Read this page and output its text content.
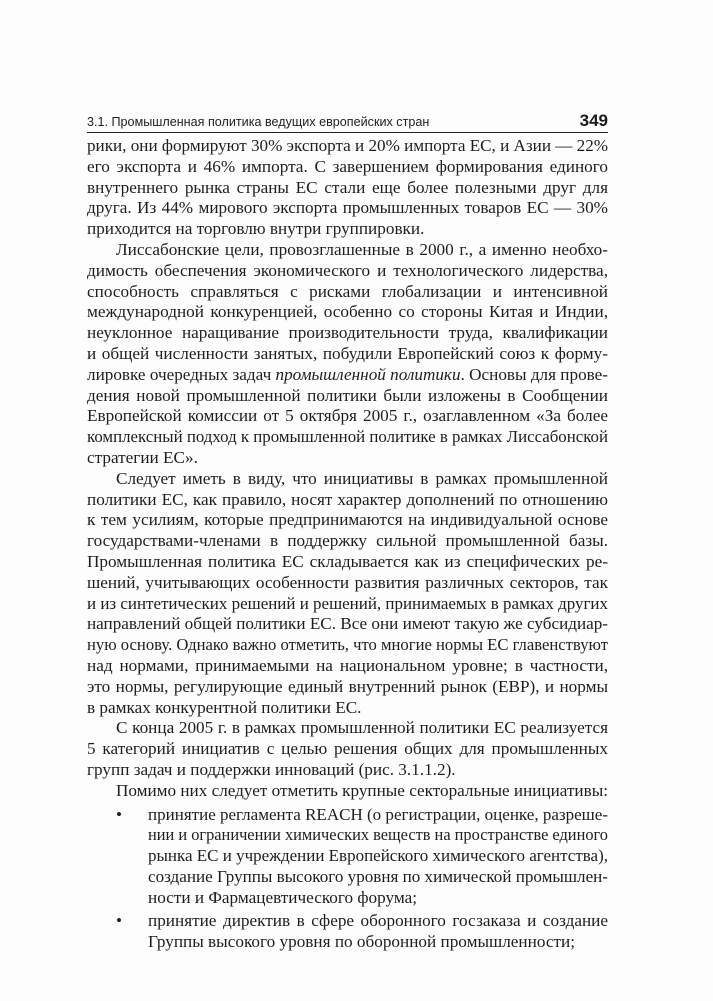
3.1. Промышленная политика ведущих европейских стран	349
рики, они формируют 30% экспорта и 20% импорта ЕС, и Азии — 22%
его экспорта и 46% импорта. С завершением формирования единого
внутреннего рынка страны ЕС стали еще более полезными друг для
друга. Из 44% мирового экспорта промышленных товаров ЕС — 30%
приходится на торговлю внутри группировки.
Лиссабонские цели, провозглашенные в 2000 г., а именно необхо-
димость обеспечения экономического и технологического лидерства,
способность справляться с рисками глобализации и интенсивной
международной конкуренцией, особенно со стороны Китая и Индии,
неуклонное наращивание производительности труда, квалификации
и общей численности занятых, побудили Европейский союз к форму-
лировке очередных задач промышленной политики. Основы для прове-
дения новой промышленной политики были изложены в Сообщении
Европейской комиссии от 5 октября 2005 г., озаглавленном «За более
комплексный подход к промышленной политике в рамках Лиссабонской
стратегии ЕС».
Следует иметь в виду, что инициативы в рамках промышленной
политики ЕС, как правило, носят характер дополнений по отношению
к тем усилиям, которые предпринимаются на индивидуальной основе
государствами-членами в поддержку сильной промышленной базы.
Промышленная политика ЕС складывается как из специфических ре-
шений, учитывающих особенности развития различных секторов, так
и из синтетических решений и решений, принимаемых в рамках других
направлений общей политики ЕС. Все они имеют такую же субсидиар-
ную основу. Однако важно отметить, что многие нормы ЕС главенствуют
над нормами, принимаемыми на национальном уровне; в частности,
это нормы, регулирующие единый внутренний рынок (ЕВР), и нормы
в рамках конкурентной политики ЕС.
С конца 2005 г. в рамках промышленной политики ЕС реализуется
5 категорий инициатив с целью решения общих для промышленных
групп задач и поддержки инноваций (рис. 3.1.1.2).
Помимо них следует отметить крупные секторальные инициативы:
• принятие регламента REACH (о регистрации, оценке, разреше-
нии и ограничении химических веществ на пространстве единого
рынка ЕС и учреждении Европейского химического агентства),
создание Группы высокого уровня по химической промышлен-
ности и Фармацевтического форума;
• принятие директив в сфере оборонного госзаказа и создание
Группы высокого уровня по оборонной промышленности;
